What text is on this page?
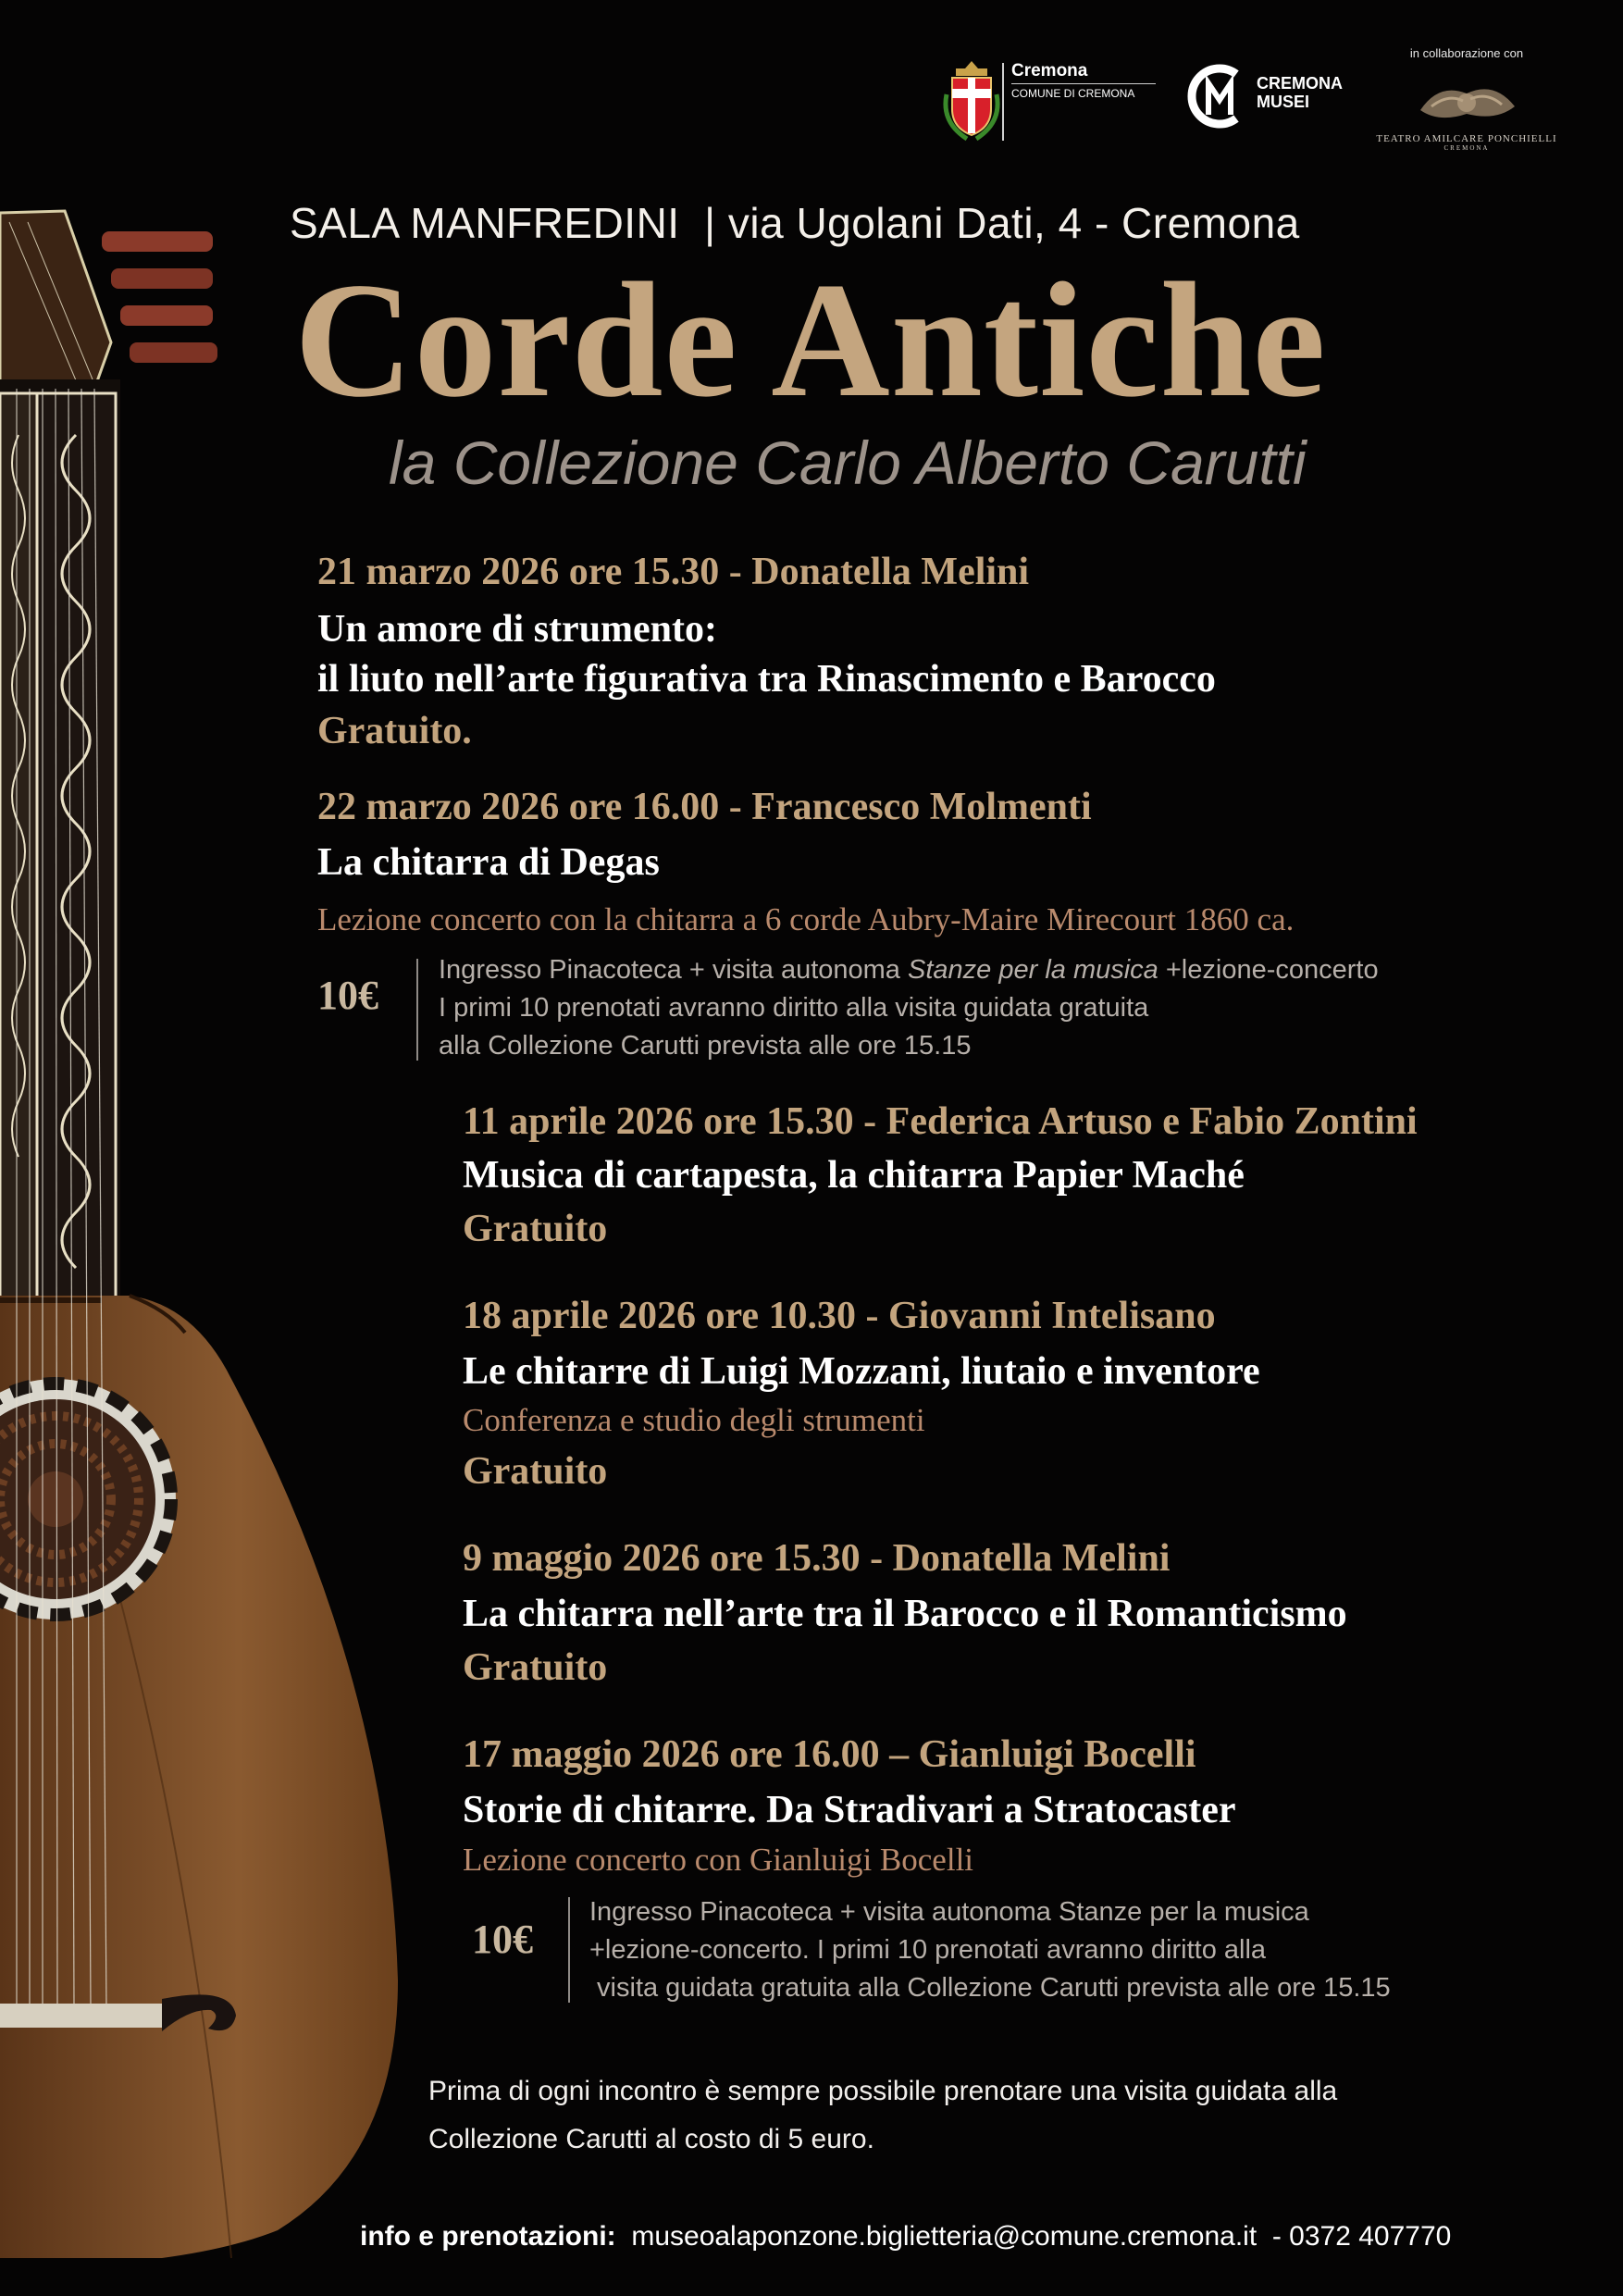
Cremona
COMUNE DI CREMONA
CREMONA
MUSEI
in collaborazione con
TEATRO AMILCARE PONCHIELLI
CREMONA
SALA MANFREDINI  | via Ugolani Dati, 4 - Cremona
Corde Antiche
la Collezione Carlo Alberto Carutti
21 marzo 2026 ore 15.30 - Donatella Melini
Un amore di strumento:
il liuto nell’arte figurativa tra Rinascimento e Barocco
Gratuito.
22 marzo 2026 ore 16.00 - Francesco Molmenti
La chitarra di Degas
Lezione concerto con la chitarra a 6 corde Aubry-Maire Mirecourt 1860 ca.
10€
Ingresso Pinacoteca + visita autonoma Stanze per la musica +lezione-concerto
I primi 10 prenotati avranno diritto alla visita guidata gratuita
alla Collezione Carutti prevista alle ore 15.15
11 aprile 2026 ore 15.30 - Federica Artuso e Fabio Zontini
Musica di cartapesta, la chitarra Papier Maché
Gratuito
18 aprile 2026 ore 10.30 - Giovanni Intelisano
Le chitarre di Luigi Mozzani, liutaio e inventore
Conferenza e studio degli strumenti
Gratuito
9 maggio 2026 ore 15.30 - Donatella Melini
La chitarra nell’arte tra il Barocco e il Romanticismo
Gratuito
17 maggio 2026 ore 16.00 – Gianluigi Bocelli
Storie di chitarre. Da Stradivari a Stratocaster
Lezione concerto con Gianluigi Bocelli
10€
Ingresso Pinacoteca + visita autonoma Stanze per la musica
+lezione-concerto. I primi 10 prenotati avranno diritto alla
visita guidata gratuita alla Collezione Carutti prevista alle ore 15.15
Prima di ogni incontro è sempre possibile prenotare una visita guidata alla
Collezione Carutti al costo di 5 euro.
info e prenotazioni: museoalaponzone.biglietteria@comune.cremona.it  - 0372 407770
